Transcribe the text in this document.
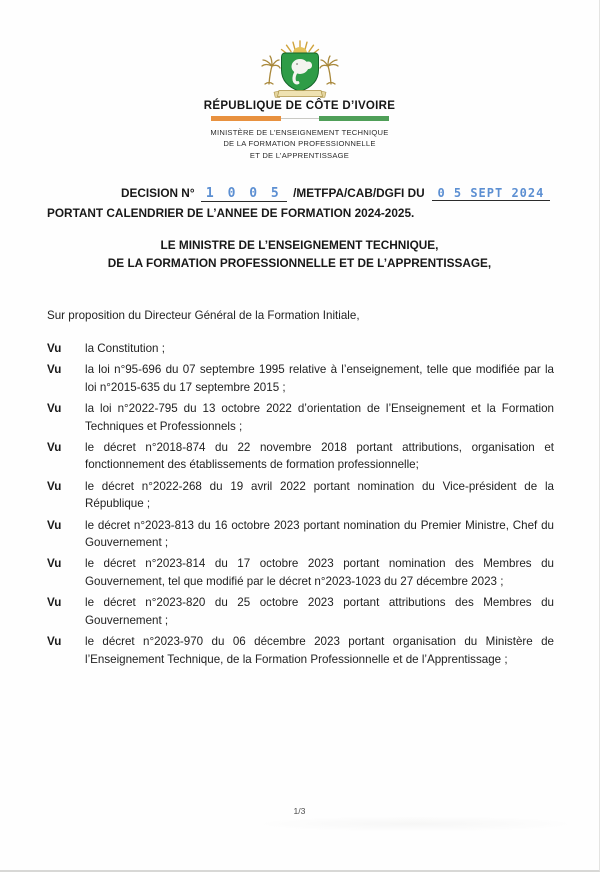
RÉPUBLIQUE DE CÔTE D’IVOIRE
MINISTÈRE DE L’ENSEIGNEMENT TECHNIQUE
DE LA FORMATION PROFESSIONNELLE
ET DE L’APPRENTISSAGE
DECISION N° 1 0 0 5 /METFPA/CAB/DGFI DU 0 5 SEPT 2024
PORTANT CALENDRIER DE L’ANNEE DE FORMATION 2024-2025.
LE MINISTRE DE L’ENSEIGNEMENT TECHNIQUE,
DE LA FORMATION PROFESSIONNELLE ET DE L’APPRENTISSAGE,
Sur proposition du Directeur Général de la Formation Initiale,
Vu	la Constitution ;
Vu	la loi n°95-696 du 07 septembre 1995 relative à l’enseignement, telle que modifiée par la loi n°2015-635 du 17 septembre 2015 ;
Vu	la loi n°2022-795 du 13 octobre 2022 d’orientation de l’Enseignement et la Formation Techniques et Professionnels ;
Vu	le décret n°2018-874 du 22 novembre 2018 portant attributions, organisation et fonctionnement des établissements de formation professionnelle;
Vu	le décret n°2022-268 du 19 avril 2022 portant nomination du Vice-président de la République ;
Vu	le décret n°2023-813 du 16 octobre 2023 portant nomination du Premier Ministre, Chef du Gouvernement ;
Vu	le décret n°2023-814 du 17 octobre 2023 portant nomination des Membres du Gouvernement, tel que modifié par le décret n°2023-1023 du 27 décembre 2023 ;
Vu	le décret n°2023-820 du 25 octobre 2023 portant attributions des Membres du Gouvernement ;
Vu	le décret n°2023-970 du 06 décembre 2023 portant organisation du Ministère de l’Enseignement Technique, de la Formation Professionnelle et de l’Apprentissage ;
1/3
